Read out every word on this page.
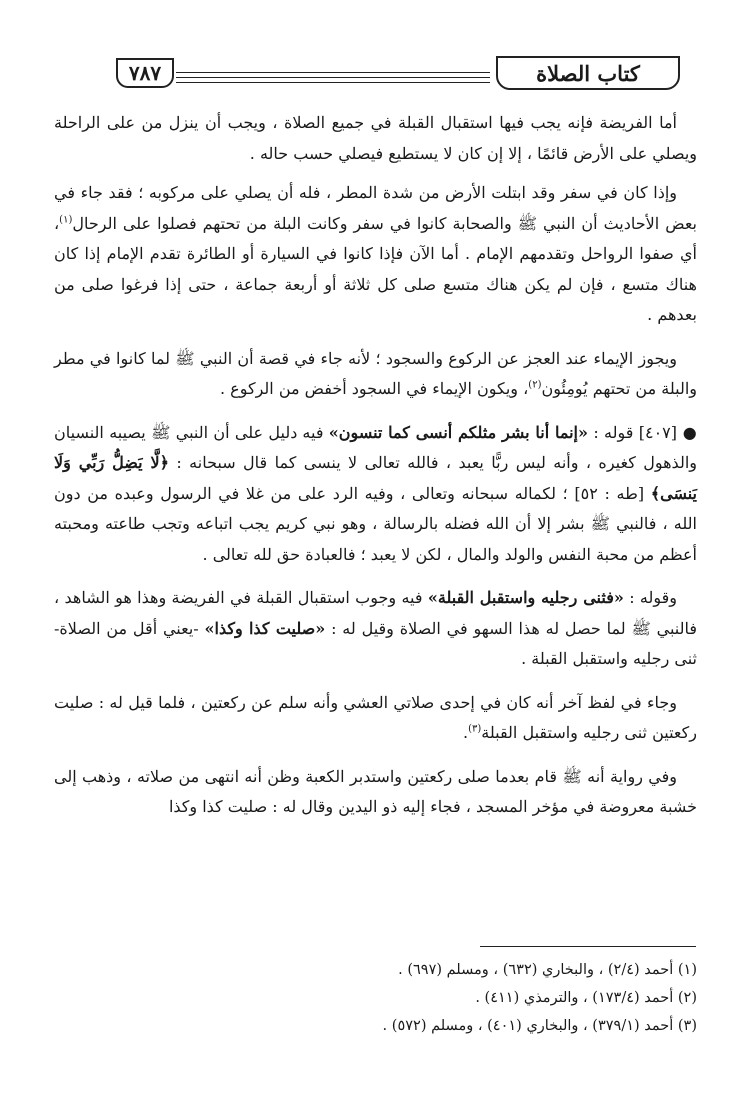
كتاب الصلاة
٧٨٧

أما الفريضة فإنه يجب فيها استقبال القبلة في جميع الصلاة ، ويجب أن ينزل من على الراحلة ويصلي على الأرض قائمًا ، إلا إن كان لا يستطيع فيصلي حسب حاله .

وإذا كان في سفر وقد ابتلت الأرض من شدة المطر ، فله أن يصلي على مركوبه ؛ فقد جاء في بعض الأحاديث أن النبي ﷺ والصحابة كانوا في سفر وكانت البلة من تحتهم فصلوا على الرحال$^{(١)}$، أي صفوا الرواحل وتقدمهم الإمام . أما الآن فإذا كانوا في السيارة أو الطائرة تقدم الإمام إذا كان هناك متسع ، فإن لم يكن هناك متسع صلى كل ثلاثة أو أربعة جماعة ، حتى إذا فرغوا صلى من بعدهم .

ويجوز الإيماء عند العجز عن الركوع والسجود ؛ لأنه جاء في قصة أن النبي ﷺ لما كانوا في مطر والبلة من تحتهم يُومِئُون$^{(٢)}$، ويكون الإيماء في السجود أخفض من الركوع .

● [٤٠٧] قوله : «إنما أنا بشر مثلكم أنسى كما تنسون» فيه دليل على أن النبي ﷺ يصيبه النسيان والذهول كغيره ، وأنه ليس ربًّا يعبد ، فالله تعالى لا ينسى كما قال سبحانه : ﴿لَّا يَضِلُّ رَبِّي وَلَا يَنسَى﴾ [طه : ٥٢] ؛ لكماله سبحانه وتعالى ، وفيه الرد على من غلا في الرسول وعبده من دون الله ، فالنبي ﷺ بشر إلا أن الله فضله بالرسالة ، وهو نبي كريم يجب اتباعه وتجب طاعته ومحبته أعظم من محبة النفس والولد والمال ، لكن لا يعبد ؛ فالعبادة حق لله تعالى .

وقوله : «فثنى رجليه واستقبل القبلة» فيه وجوب استقبال القبلة في الفريضة وهذا هو الشاهد ، فالنبي ﷺ لما حصل له هذا السهو في الصلاة وقيل له : «صليت كذا وكذا» -يعني أقل من الصلاة- ثنى رجليه واستقبل القبلة .

وجاء في لفظ آخر أنه كان في إحدى صلاتي العشي وأنه سلم عن ركعتين ، فلما قيل له : صليت ركعتين ثنى رجليه واستقبل القبلة$^{(٣)}$.

وفي رواية أنه ﷺ قام بعدما صلى ركعتين واستدبر الكعبة وظن أنه انتهى من صلاته ، وذهب إلى خشبة معروضة في مؤخر المسجد ، فجاء إليه ذو اليدين وقال له : صليت كذا وكذا

(١) أحمد (٢/٤) ، والبخاري (٦٣٢) ، ومسلم (٦٩٧) .
(٢) أحمد (١٧٣/٤) ، والترمذي (٤١١) .
(٣) أحمد (٣٧٩/١) ، والبخاري (٤٠١) ، ومسلم (٥٧٢) .
